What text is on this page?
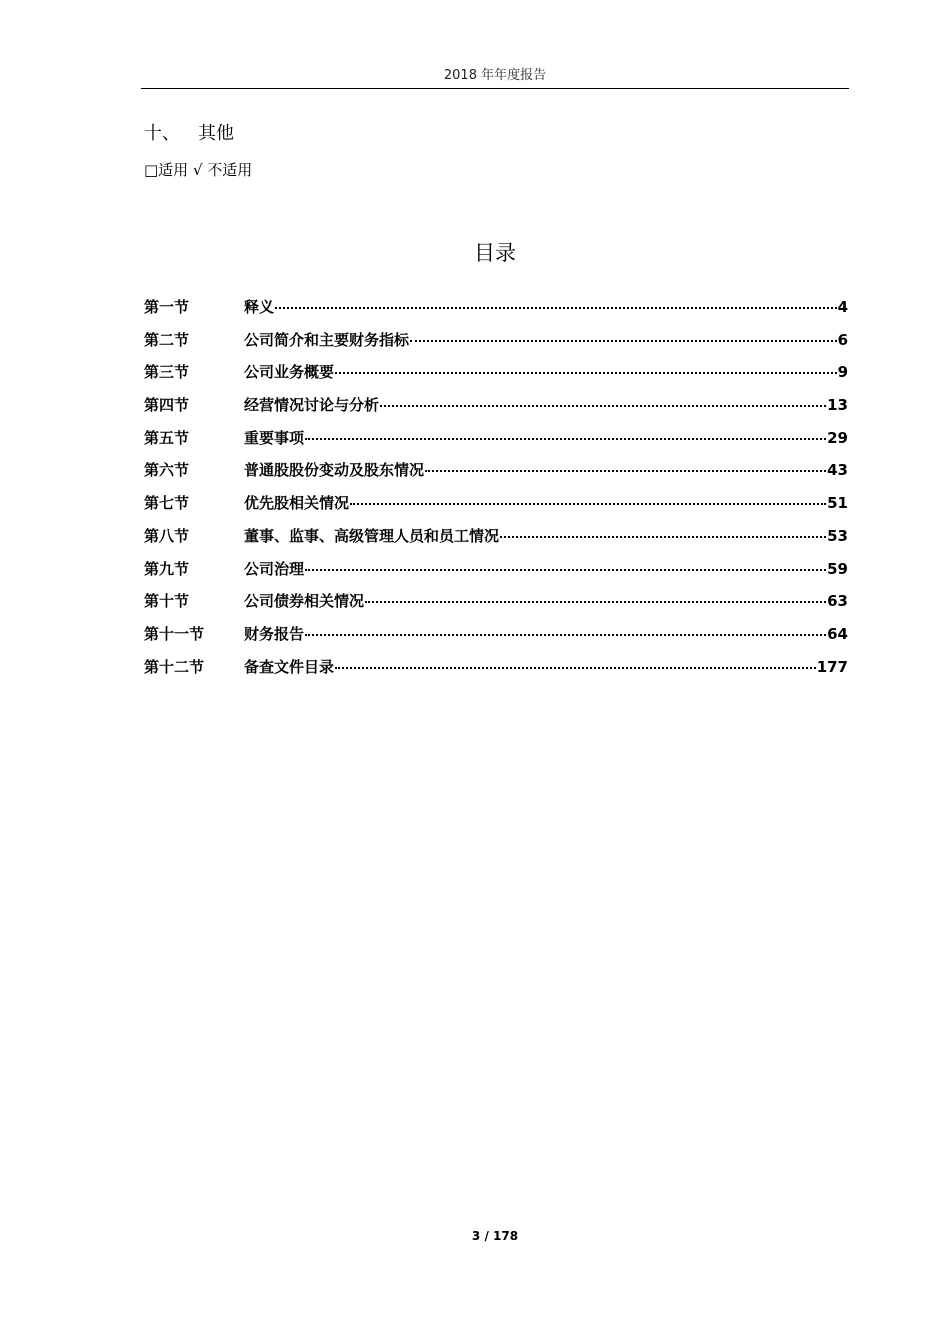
2018 年年度报告
十、 其他
□适用 √ 不适用
目录
第一节	释义	4
第二节	公司简介和主要财务指标	6
第三节	公司业务概要	9
第四节	经营情况讨论与分析	13
第五节	重要事项	29
第六节	普通股股份变动及股东情况	43
第七节	优先股相关情况	51
第八节	董事、监事、高级管理人员和员工情况	53
第九节	公司治理	59
第十节	公司债券相关情况	63
第十一节	财务报告	64
第十二节	备查文件目录	177
3 / 178
